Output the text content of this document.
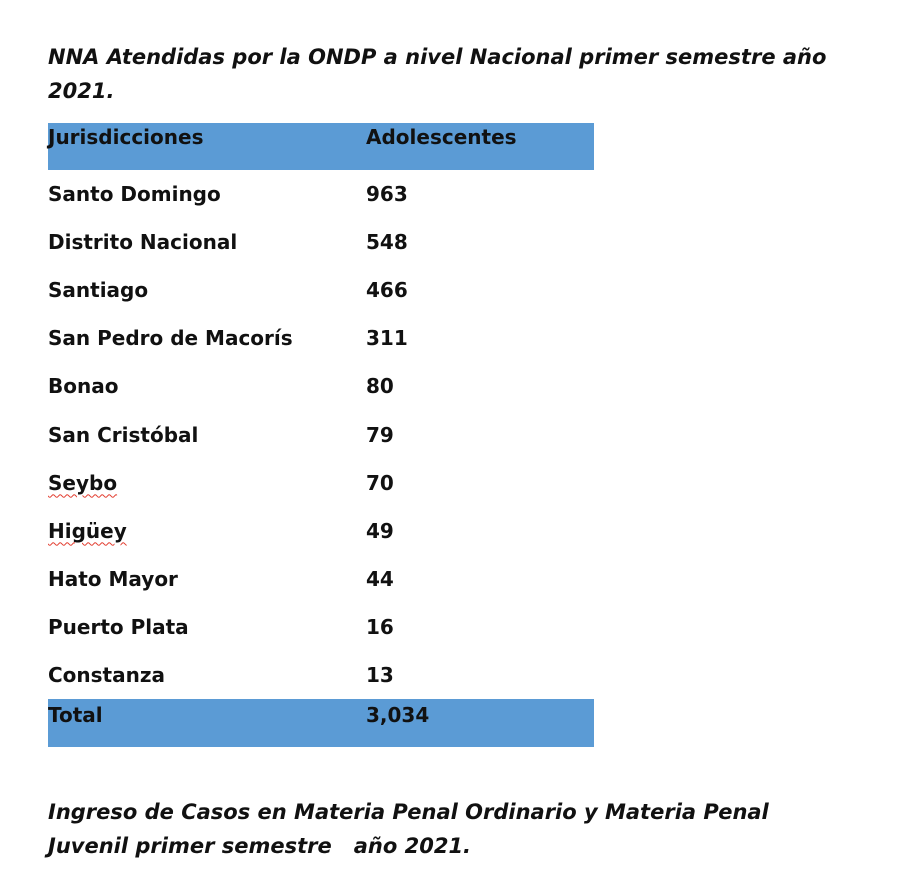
NNA Atendidas por la ONDP a nivel Nacional primer semestre año
2021.
Jurisdicciones	Adolescentes
Santo Domingo	963
Distrito Nacional	548
Santiago	466
San Pedro de Macorís	311
Bonao	80
San Cristóbal	79
Seybo	70
Higüey	49
Hato Mayor	44
Puerto Plata	16
Constanza	13
Total	3,034
Ingreso de Casos en Materia Penal Ordinario y Materia Penal
Juvenil primer semestre año 2021.
